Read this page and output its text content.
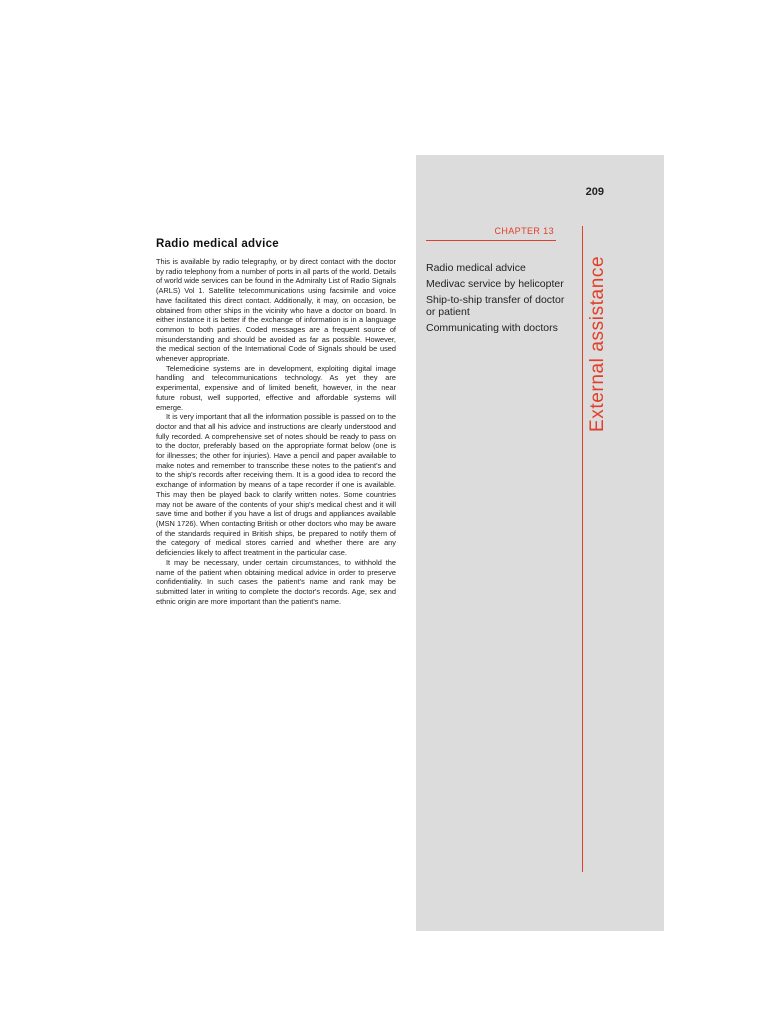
209
CHAPTER 13
External assistance
Radio medical advice
Medivac service by helicopter
Ship-to-ship transfer of doctor or patient
Communicating with doctors
Radio medical advice

This is available by radio telegraphy, or by direct contact with the doctor by radio telephony from a number of ports in all parts of the world. Details of world wide services can be found in the Admiralty List of Radio Signals (ARLS) Vol 1. Satellite telecommunications using facsimile and voice have facilitated this direct contact. Additionally, it may, on occasion, be obtained from other ships in the vicinity who have a doctor on board. In either instance it is better if the exchange of information is in a language common to both parties. Coded messages are a frequent source of misunderstanding and should be avoided as far as possible. However, the medical section of the International Code of Signals should be used whenever appropriate.

Telemedicine systems are in development, exploiting digital image handling and telecommunications technology. As yet they are experimental, expensive and of limited benefit, however, in the near future robust, well supported, effective and affordable systems will emerge.

It is very important that all the information possible is passed on to the doctor and that all his advice and instructions are clearly understood and fully recorded. A comprehensive set of notes should be ready to pass on to the doctor, preferably based on the appropriate format below (one is for illnesses; the other for injuries). Have a pencil and paper available to make notes and remember to transcribe these notes to the patient's and to the ship's records after receiving them. It is a good idea to record the exchange of information by means of a tape recorder if one is available. This may then be played back to clarify written notes. Some countries may not be aware of the contents of your ship's medical chest and it will save time and bother if you have a list of drugs and appliances available (MSN 1726). When contacting British or other doctors who may be aware of the standards required in British ships, be prepared to notify them of the category of medical stores carried and whether there are any deficiencies likely to affect treatment in the particular case.

It may be necessary, under certain circumstances, to withhold the name of the patient when obtaining medical advice in order to preserve confidentiality. In such cases the patient's name and rank may be submitted later in writing to complete the doctor's records. Age, sex and ethnic origin are more important than the patient's name.
